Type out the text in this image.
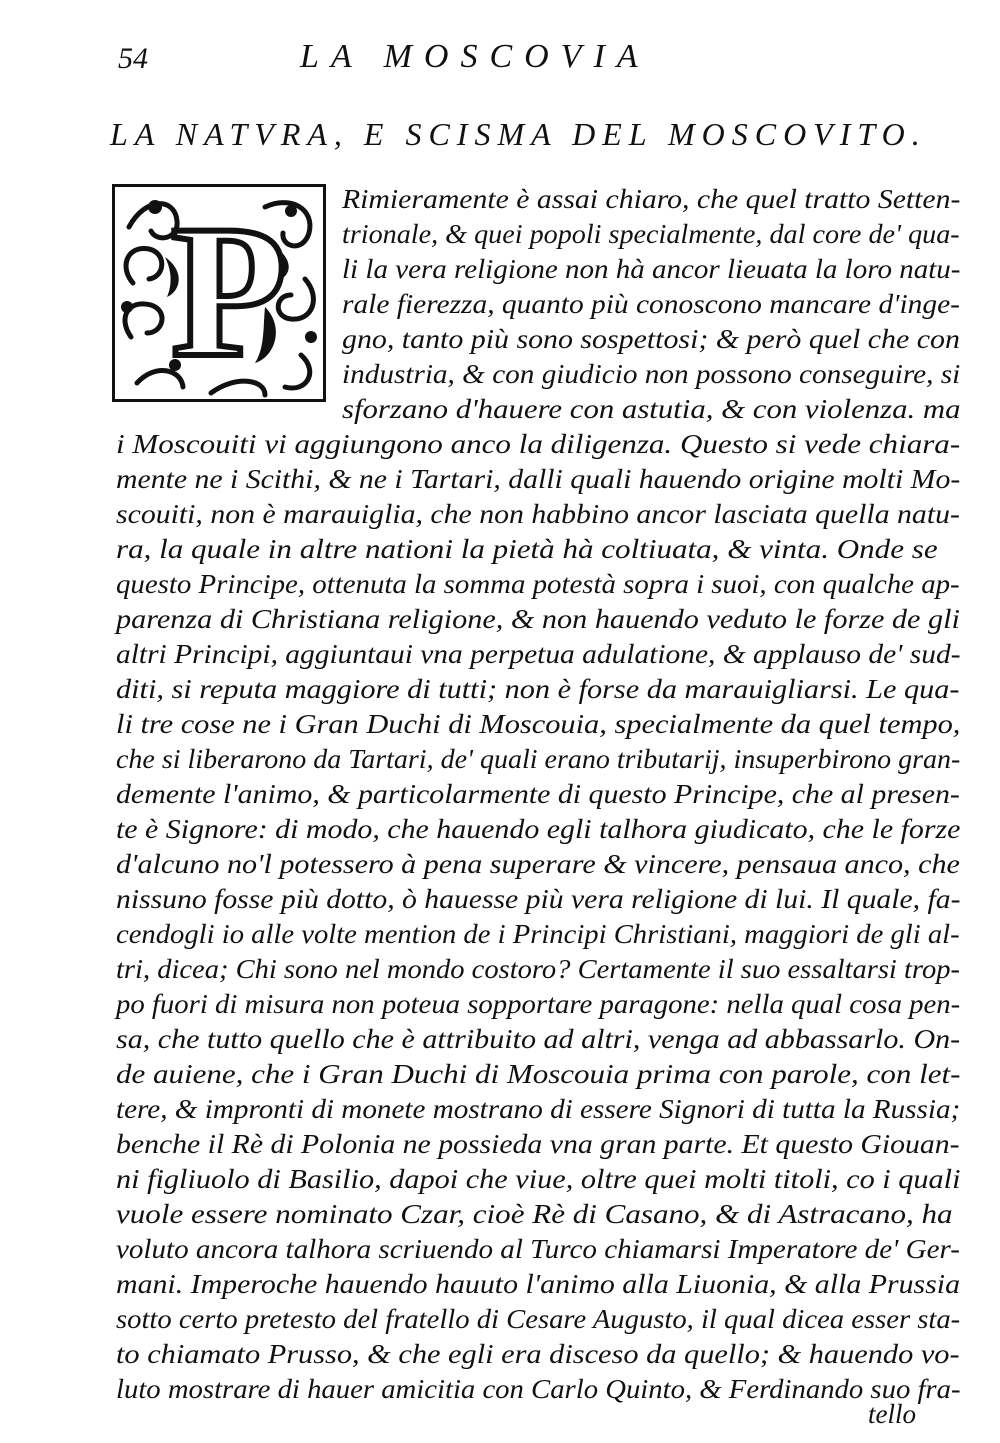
54	LA MOSCOVIA
LA NATVRA, E SCISMA DEL MOSCOVITO.
P Rimieramente è assai chiaro, che quel tratto Setten-
trionale, & quei popoli specialmente, dal core de' qua-
li la vera religione non hà ancor lieuata la loro natu-
rale fierezza, quanto più conoscono mancare d'inge-
gno, tanto più sono sospettosi; & però quel che con
industria, & con giudicio non possono conseguire, si
sforzano d'hauere con astutia, & con violenza. ma
i Moscouiti vi aggiungono anco la diligenza. Questo si vede chiara-
mente ne i Scithi, & ne i Tartari, dalli quali hauendo origine molti Mo-
scouiti, non è marauiglia, che non habbino ancor lasciata quella natu-
ra, la quale in altre nationi la pietà hà coltiuata, & vinta. Onde se
questo Principe, ottenuta la somma potestà sopra i suoi, con qualche ap-
parenza di Christiana religione, & non hauendo veduto le forze de gli
altri Principi, aggiuntaui vna perpetua adulatione, & applauso de' sud-
diti, si reputa maggiore di tutti; non è forse da marauigliarsi. Le qua-
li tre cose ne i Gran Duchi di Moscouia, specialmente da quel tempo,
che si liberarono da Tartari, de' quali erano tributarij, insuperbirono gran-
demente l'animo, & particolarmente di questo Principe, che al presen-
te è Signore: di modo, che hauendo egli talhora giudicato, che le forze
d'alcuno no'l potessero à pena superare & vincere, pensaua anco, che
nissuno fosse più dotto, ò hauesse più vera religione di lui. Il quale, fa-
cendogli io alle volte mention de i Principi Christiani, maggiori de gli al-
tri, dicea; Chi sono nel mondo costoro? Certamente il suo essaltarsi trop-
po fuori di misura non poteua sopportare paragone: nella qual cosa pen-
sa, che tutto quello che è attribuito ad altri, venga ad abbassarlo. On-
de auiene, che i Gran Duchi di Moscouia prima con parole, con let-
tere, & impronti di monete mostrano di essere Signori di tutta la Russia;
benche il Rè di Polonia ne possieda vna gran parte. Et questo Giouan-
ni figliuolo di Basilio, dapoi che viue, oltre quei molti titoli, co i quali
vuole essere nominato Czar, cioè Rè di Casano, & di Astracano, ha
voluto ancora talhora scriuendo al Turco chiamarsi Imperatore de' Ger-
mani. Imperoche hauendo hauuto l'animo alla Liuonia, & alla Prussia
sotto certo pretesto del fratello di Cesare Augusto, il qual dicea esser sta-
to chiamato Prusso, & che egli era disceso da quello; & hauendo vo-
luto mostrare di hauer amicitia con Carlo Quinto, & Ferdinando suo fra-
tello
